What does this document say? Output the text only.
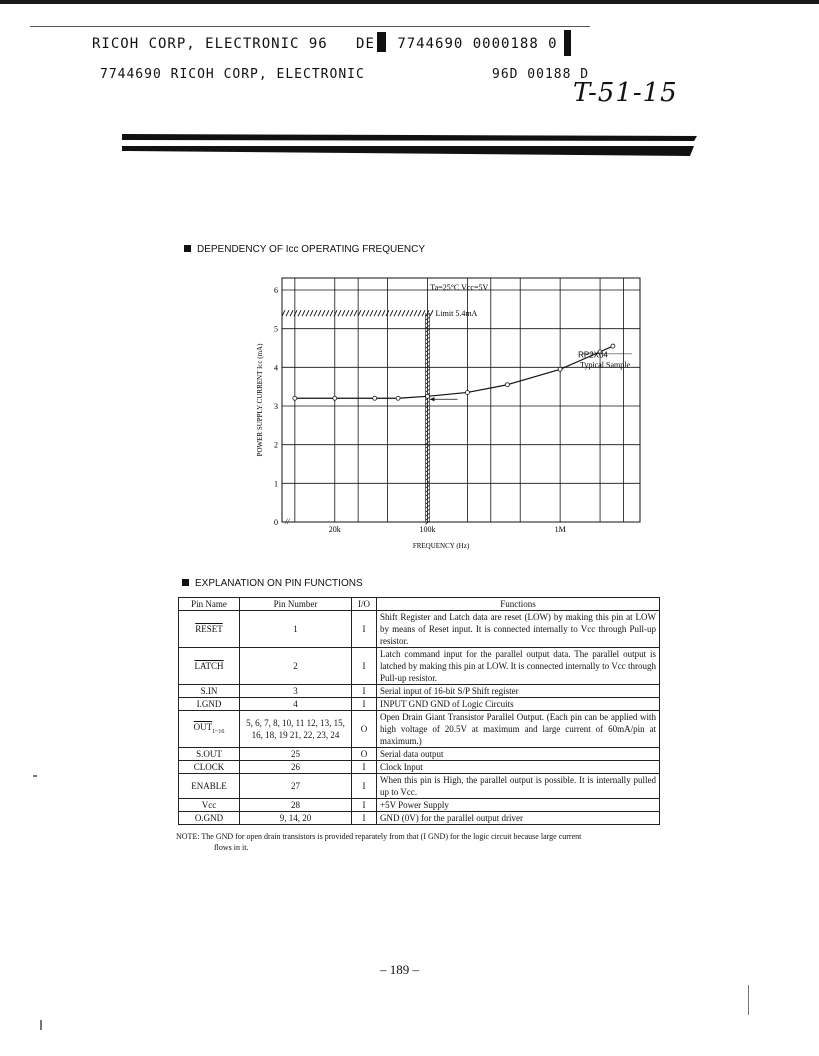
RICOH CORP, ELECTRONIC 96 DE 7744690 0000188 0
7744690 RICOH CORP, ELECTRONIC	96D 00188 D
T-51-15
DEPENDENCY OF Icc OPERATING FREQUENCY
0
1
2
3
4
5
6
20k	100k	1M
//
Limit 5.4mA
Ta=25°C Vcc=5V
RP2X04
Typical Sample
FREQUENCY (Hz)
POWER SUPPLY CURRENT Icc (mA)
EXPLANATION ON PIN FUNCTIONS
Pin Name	Pin Number	I/O	Functions
RESET	1	I	Shift Register and Latch data are reset (LOW) by making this pin at LOW by means of Reset input. It is connected internally to Vcc through Pull-up resistor.
LATCH	2	I	Latch command input for the parallel output data. The parallel output is latched by making this pin at LOW. It is connected internally to Vcc through Pull-up resistor.
S.IN	3	I	Serial input of 16-bit S/P Shift register
I.GND	4	I	INPUT GND GND of Logic Circuits
$\overline{OUT}_{1\sim 16}$	5, 6, 7, 8, 10, 11 12, 13, 15, 16, 18, 19 21, 22, 23, 24	O	Open Drain Giant Transistor Parallel Output. (Each pin can be applied with high voltage of 20.5V at maximum and large current of 60mA/pin at maximum.)
S.OUT	25	O	Serial data output
CLOCK	26	I	Clock Input
ENABLE	27	I	When this pin is High, the parallel output is possible. It is internally pulled up to Vcc.
Vcc	28	I	+5V Power Supply
O.GND	9, 14, 20	I	GND (0V) for the parallel output driver
NOTE: The GND for open drain transistors is provided reparately from that (I GND) for the logic circuit because large current
flows in it.
– 189 –
